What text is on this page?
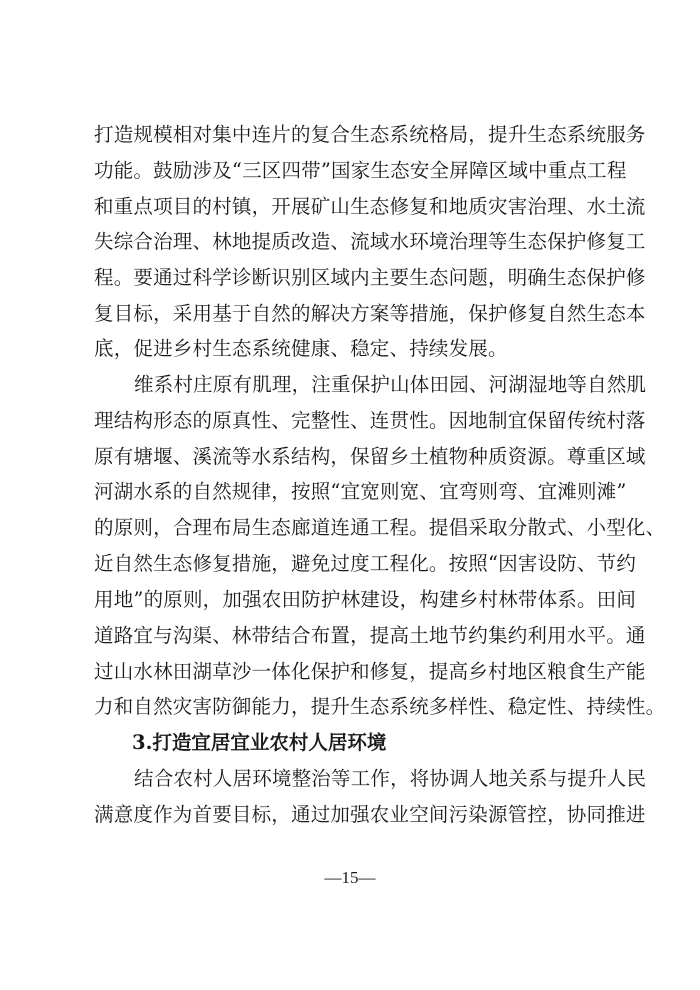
打造规模相对集中连片的复合生态系统格局，提升生态系统服务
功能。鼓励涉及“三区四带”国家生态安全屏障区域中重点工程
和重点项目的村镇，开展矿山生态修复和地质灾害治理、水土流
失综合治理、林地提质改造、流域水环境治理等生态保护修复工
程。要通过科学诊断识别区域内主要生态问题，明确生态保护修
复目标，采用基于自然的解决方案等措施，保护修复自然生态本
底，促进乡村生态系统健康、稳定、持续发展。
维系村庄原有肌理，注重保护山体田园、河湖湿地等自然肌
理结构形态的原真性、完整性、连贯性。因地制宜保留传统村落
原有塘堰、溪流等水系结构，保留乡土植物种质资源。尊重区域
河湖水系的自然规律，按照“宜宽则宽、宜弯则弯、宜滩则滩”
的原则，合理布局生态廊道连通工程。提倡采取分散式、小型化、
近自然生态修复措施，避免过度工程化。按照“因害设防、节约
用地”的原则，加强农田防护林建设，构建乡村林带体系。田间
道路宜与沟渠、林带结合布置，提高土地节约集约利用水平。通
过山水林田湖草沙一体化保护和修复，提高乡村地区粮食生产能
力和自然灾害防御能力，提升生态系统多样性、稳定性、持续性。
3.打造宜居宜业农村人居环境
结合农村人居环境整治等工作，将协调人地关系与提升人民
满意度作为首要目标，通过加强农业空间污染源管控，协同推进
—15—
